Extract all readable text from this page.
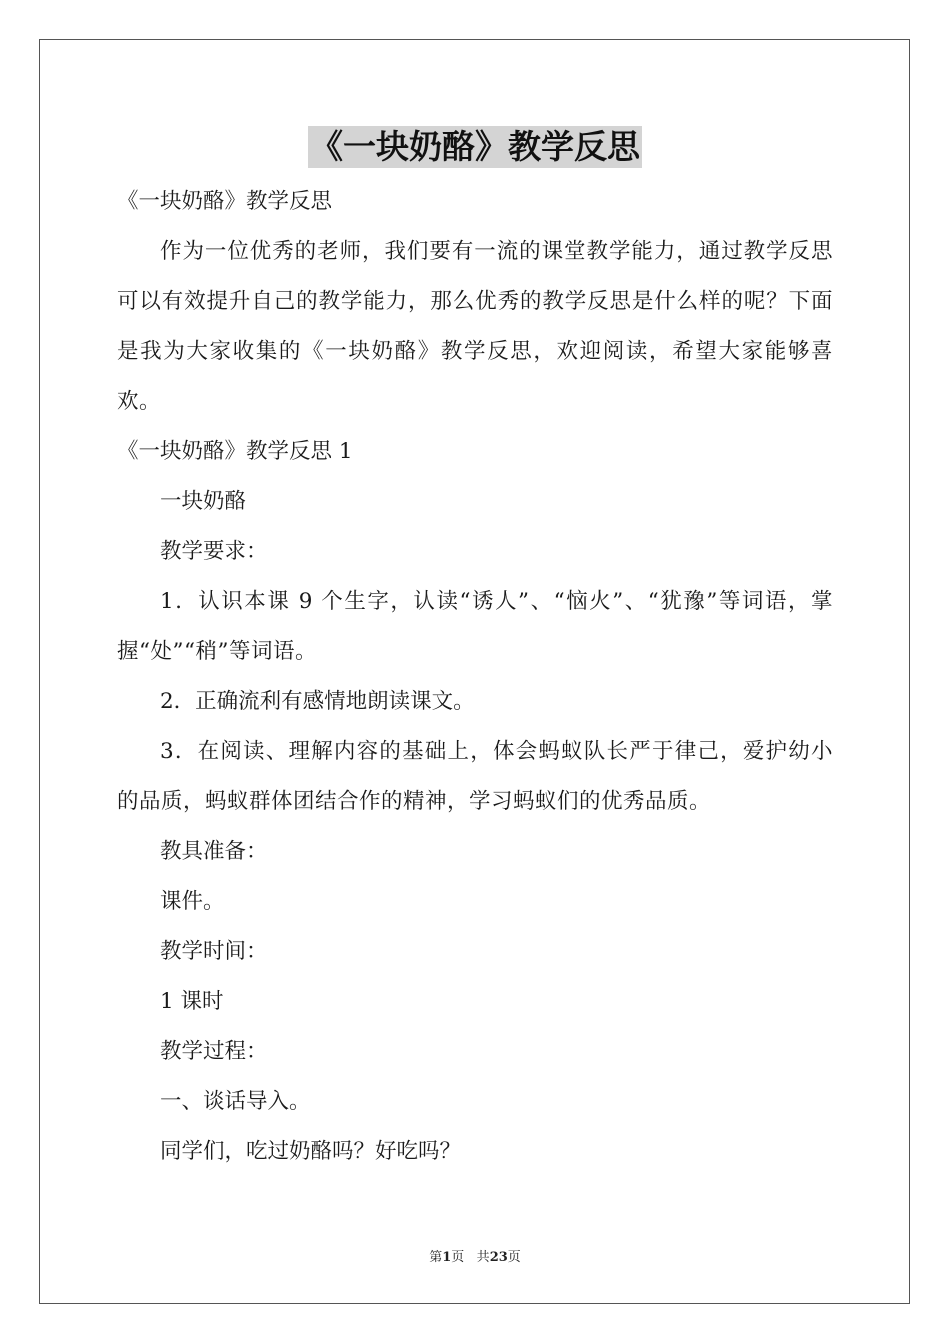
《一块奶酪》教学反思
《一块奶酪》教学反思
作为一位优秀的老师，我们要有一流的课堂教学能力，通过教学反思可以有效提升自己的教学能力，那么优秀的教学反思是什么样的呢？下面是我为大家收集的《一块奶酪》教学反思，欢迎阅读，希望大家能够喜欢。
《一块奶酪》教学反思 1
一块奶酪
教学要求：
1．认识本课 9 个生字，认读“诱人”、“恼火”、“犹豫”等词语，掌握“处”“稍”等词语。
2．正确流利有感情地朗读课文。
3．在阅读、理解内容的基础上，体会蚂蚁队长严于律己，爱护幼小的品质，蚂蚁群体团结合作的精神，学习蚂蚁们的优秀品质。
教具准备：
课件。
教学时间：
1 课时
教学过程：
一、谈话导入。
同学们，吃过奶酪吗？好吃吗？
第1页 共23页
